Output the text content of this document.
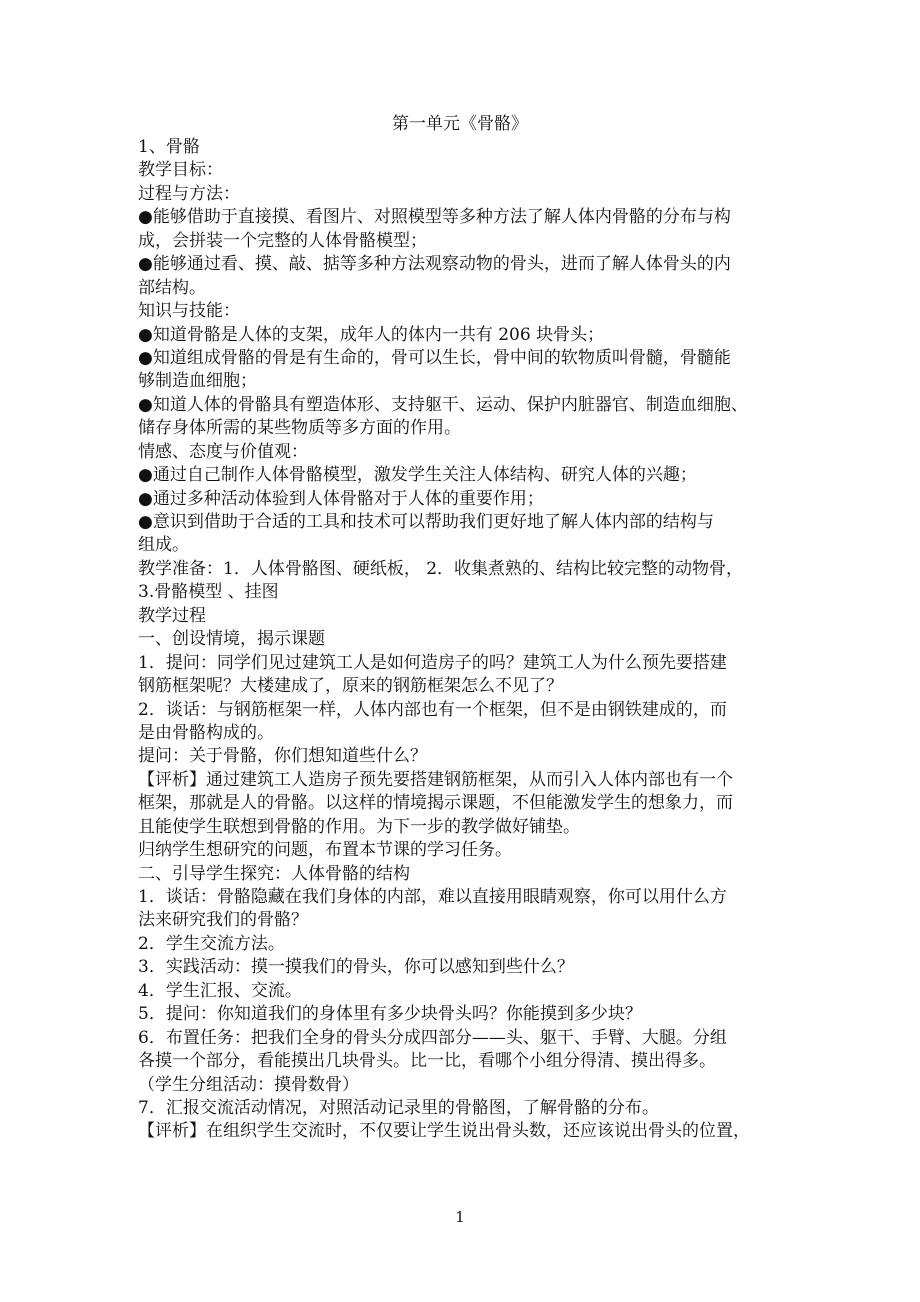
第一单元《骨骼》
1、骨骼
教学目标：
过程与方法：
●能够借助于直接摸、看图片、对照模型等多种方法了解人体内骨骼的分布与构
成，会拼装一个完整的人体骨骼模型；
●能够通过看、摸、敲、掂等多种方法观察动物的骨头，进而了解人体骨头的内
部结构。
知识与技能：
●知道骨骼是人体的支架，成年人的体内一共有 206 块骨头；
●知道组成骨骼的骨是有生命的，骨可以生长，骨中间的软物质叫骨髓，骨髓能
够制造血细胞；
●知道人体的骨骼具有塑造体形、支持躯干、运动、保护内脏器官、制造血细胞、
储存身体所需的某些物质等多方面的作用。
情感、态度与价值观：
●通过自己制作人体骨骼模型，激发学生关注人体结构、研究人体的兴趣；
●通过多种活动体验到人体骨骼对于人体的重要作用；
●意识到借助于合适的工具和技术可以帮助我们更好地了解人体内部的结构与
组成。
教学准备：1．人体骨骼图、硬纸板， 2．收集煮熟的、结构比较完整的动物骨，
3.骨骼模型 、挂图
教学过程
一、创设情境，揭示课题
1．提问：同学们见过建筑工人是如何造房子的吗？建筑工人为什么预先要搭建
钢筋框架呢？大楼建成了，原来的钢筋框架怎么不见了？
2．谈话：与钢筋框架一样，人体内部也有一个框架，但不是由钢铁建成的，而
是由骨骼构成的。
提问：关于骨骼，你们想知道些什么？
【评析】通过建筑工人造房子预先要搭建钢筋框架，从而引入人体内部也有一个
框架，那就是人的骨骼。以这样的情境揭示课题，不但能激发学生的想象力，而
且能使学生联想到骨骼的作用。为下一步的教学做好铺垫。
归纳学生想研究的问题，布置本节课的学习任务。
二、引导学生探究：人体骨骼的结构
1．谈话：骨骼隐藏在我们身体的内部，难以直接用眼睛观察，你可以用什么方
法来研究我们的骨骼？
2．学生交流方法。
3．实践活动：摸一摸我们的骨头，你可以感知到些什么？
4．学生汇报、交流。
5．提问：你知道我们的身体里有多少块骨头吗？你能摸到多少块？
6．布置任务：把我们全身的骨头分成四部分——头、躯干、手臂、大腿。分组
各摸一个部分，看能摸出几块骨头。比一比，看哪个小组分得清、摸出得多。
（学生分组活动：摸骨数骨）
7．汇报交流活动情况，对照活动记录里的骨骼图，了解骨骼的分布。
【评析】在组织学生交流时，不仅要让学生说出骨头数，还应该说出骨头的位置，
1
